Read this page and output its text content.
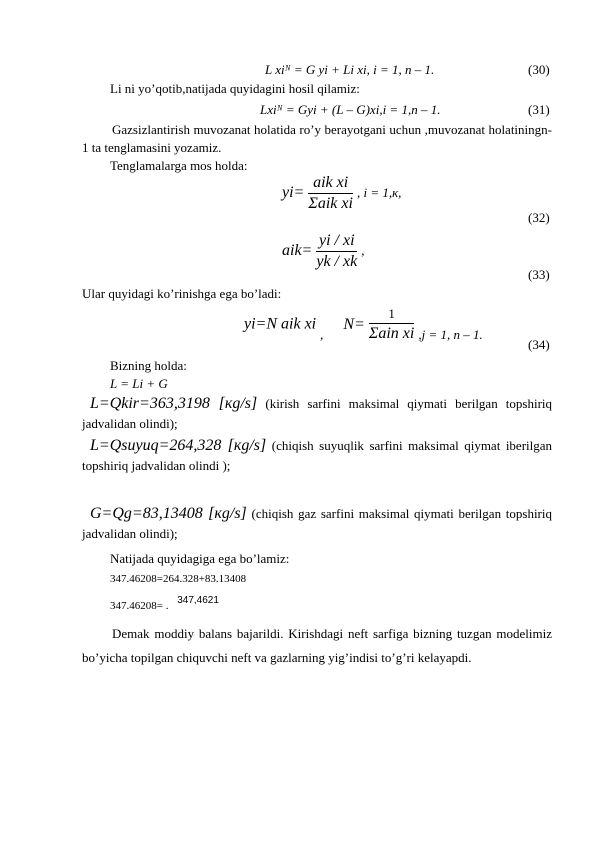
L xiᴺ = G yi + Li xi, i = 1, n – 1.	(30)
Li ni yo’qotib,natijada quyidagini hosil qilamiz:
Lxiᴺ = Gyi + (L – G)xi,i = 1,n – 1.	(31)
Gazsizlantirish muvozanat holatida ro’y berayotgani uchun ,muvozanat holatiningn-1 ta tenglamasini yozamiz.
Tenglamalarga mos holda:
$yi= \frac{\text{aik xi}}{\text{Σaik xi}}$ , i = 1,к,
(32)
$aik= \frac{yi / xi}{yk / xk}$ ,
(33)
Ular quyidagi ko’rinishga ega bo’ladi:
yi=N aik xi , $N= \frac{1}{\text{Σain xi}} ,j = 1$, n – 1.
(34)
Bizning holda:
L = Li + G
L=Qkir=363,3198 [кg/s] (kirish sarfini maksimal qiymati berilgan topshiriq jadvalidan olindi);
L=Qsuyuq=264,328 [кg/s] (chiqish suyuqlik sarfini maksimal qiymat iberilgan topshiriq jadvalidan olindi );
G=Qg=83,13408 [кg/s] (chiqish gaz sarfini maksimal qiymati berilgan topshiriq jadvalidan olindi);
Natijada quyidagiga ega bo’lamiz:
347.46208=264.328+83.13408
347.46208= . 347,4621
Demak moddiy balans bajarildi. Kirishdagi neft sarfiga bizning tuzgan modelimiz bo’yicha topilgan chiquvchi neft va gazlarning yig’indisi to’g’ri kelayapdi.
